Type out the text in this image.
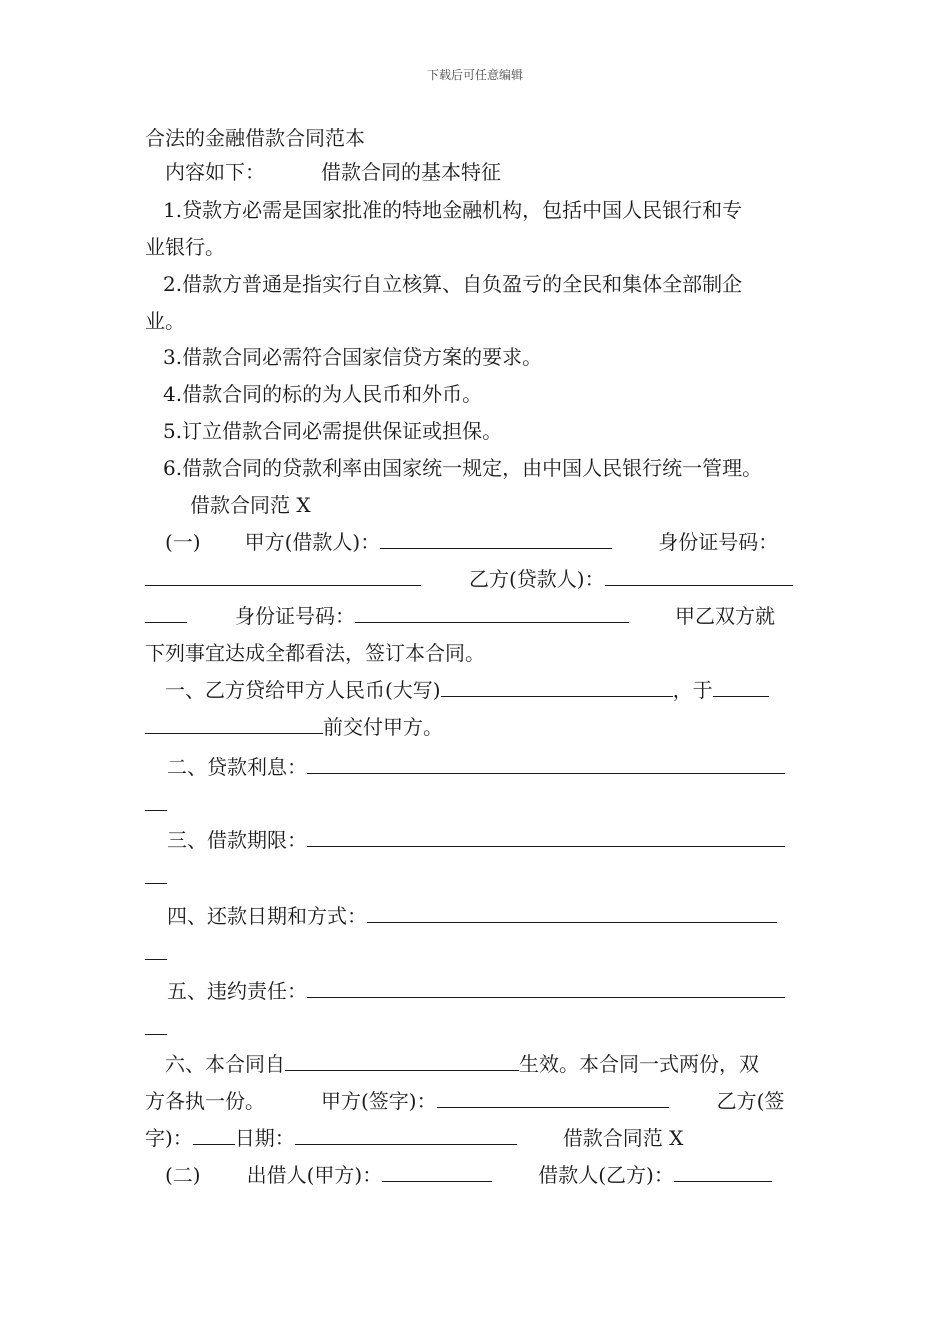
下载后可任意编辑
合法的金融借款合同范本
内容如下：	借款合同的基本特征
1.贷款方必需是国家批准的特地金融机构，包括中国人民银行和专
业银行。
2.借款方普通是指实行自立核算、自负盈亏的全民和集体全部制企
业。
3.借款合同必需符合国家信贷方案的要求。
4.借款合同的标的为人民币和外币。
5.订立借款合同必需提供保证或担保。
6.借款合同的贷款利率由国家统一规定，由中国人民银行统一管理。
借款合同范 X
(一) 甲方(借款人)：	身份证号码：
乙方(贷款人)：
身份证号码：	甲乙双方就
下列事宜达成全都看法，签订本合同。
一、乙方贷给甲方人民币(大写)	，于
前交付甲方。
二、贷款利息：
三、借款期限：
四、还款日期和方式：
五、违约责任：
六、本合同自	生效。本合同一式两份，双
方各执一份。	甲方(签字)：	乙方(签
字)： 日期：	借款合同范 X
(二) 出借人(甲方)：	借款人(乙方)：
